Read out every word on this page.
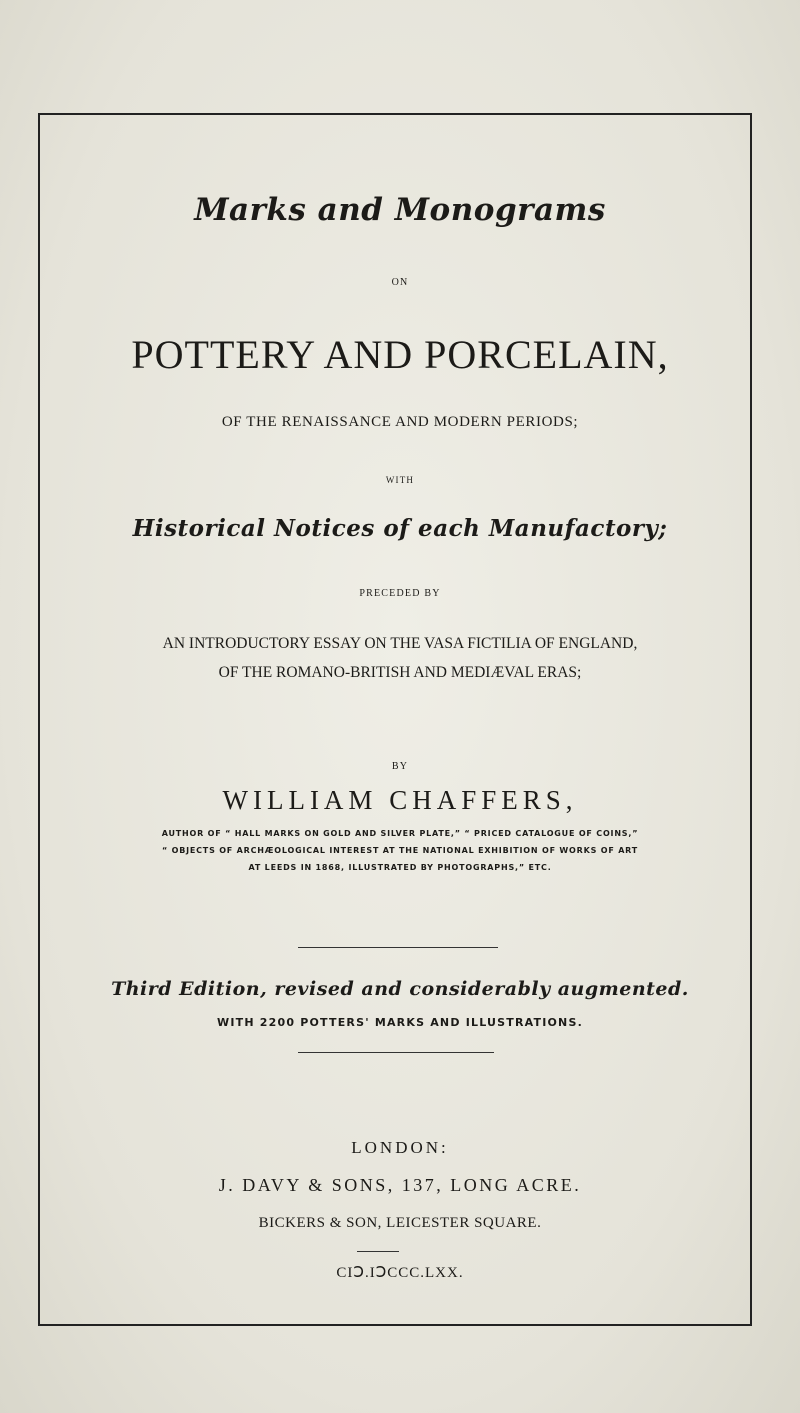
Marks and Monograms
ON
POTTERY AND PORCELAIN,
OF THE RENAISSANCE AND MODERN PERIODS;
WITH
Historical Notices of each Manufactory;
PRECEDED BY
AN INTRODUCTORY ESSAY ON THE VASA FICTILIA OF ENGLAND,
OF THE ROMANO-BRITISH AND MEDIÆVAL ERAS;
BY
WILLIAM CHAFFERS,
AUTHOR OF “ HALL MARKS ON GOLD AND SILVER PLATE,” “ PRICED CATALOGUE OF COINS,”
“ OBJECTS OF ARCHÆOLOGICAL INTEREST AT THE NATIONAL EXHIBITION OF WORKS OF ART
AT LEEDS IN 1868, ILLUSTRATED BY PHOTOGRAPHS,” ETC.
Third Edition, revised and considerably augmented.
WITH 2200 POTTERS' MARKS AND ILLUSTRATIONS.
LONDON:
J. DAVY & SONS, 137, LONG ACRE.
BICKERS & SON, LEICESTER SQUARE.
CIↃ.IↃCCC.LXX.
